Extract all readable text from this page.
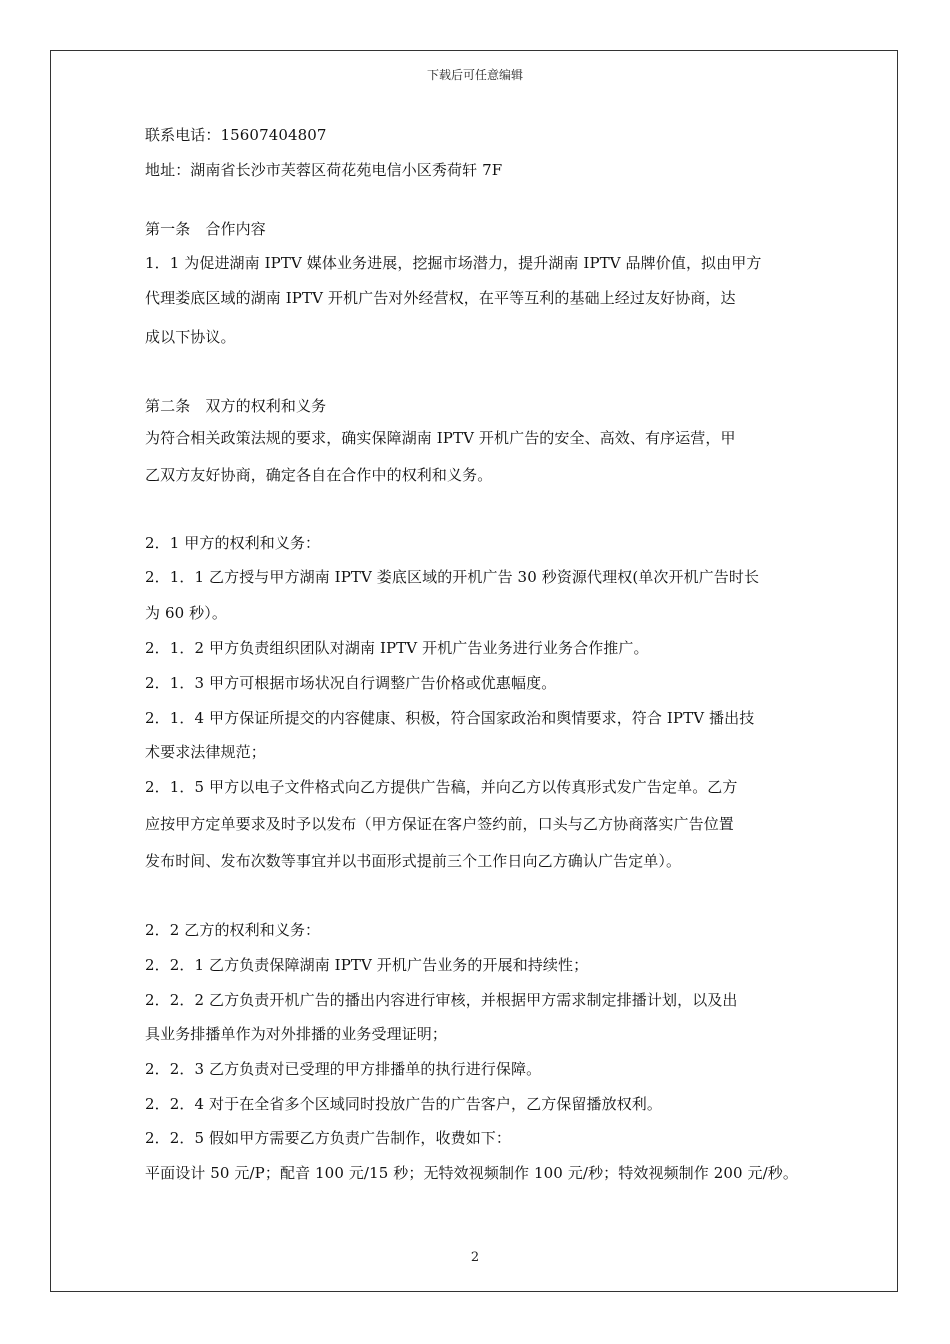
下载后可任意编辑
联系电话：15607404807
地址：湖南省长沙市芙蓉区荷花苑电信小区秀荷轩 7F
第一条　合作内容
1．1 为促进湖南 IPTV 媒体业务进展，挖掘市场潜力，提升湖南 IPTV 品牌价值，拟由甲方
代理娄底区域的湖南 IPTV 开机广告对外经营权，在平等互利的基础上经过友好协商，达
成以下协议。
第二条　双方的权利和义务
为符合相关政策法规的要求，确实保障湖南 IPTV 开机广告的安全、高效、有序运营，甲
乙双方友好协商，确定各自在合作中的权利和义务。
2．1 甲方的权利和义务：
2．1．1 乙方授与甲方湖南 IPTV 娄底区域的开机广告 30 秒资源代理权(单次开机广告时长
为 60 秒）。
2．1．2 甲方负责组织团队对湖南 IPTV 开机广告业务进行业务合作推广。
2．1．3 甲方可根据市场状况自行调整广告价格或优惠幅度。
2．1．4 甲方保证所提交的内容健康、积极，符合国家政治和舆情要求，符合 IPTV 播出技
术要求法律规范；
2．1．5 甲方以电子文件格式向乙方提供广告稿，并向乙方以传真形式发广告定单。乙方
应按甲方定单要求及时予以发布（甲方保证在客户签约前，口头与乙方协商落实广告位置
发布时间、发布次数等事宜并以书面形式提前三个工作日向乙方确认广告定单）。
2．2 乙方的权利和义务：
2．2．1 乙方负责保障湖南 IPTV 开机广告业务的开展和持续性；
2．2．2 乙方负责开机广告的播出内容进行审核，并根据甲方需求制定排播计划，以及出
具业务排播单作为对外排播的业务受理证明；
2．2．3 乙方负责对已受理的甲方排播单的执行进行保障。
2．2．4 对于在全省多个区域同时投放广告的广告客户，乙方保留播放权利。
2．2．5 假如甲方需要乙方负责广告制作，收费如下：
平面设计 50 元/P；配音 100 元/15 秒；无特效视频制作 100 元/秒；特效视频制作 200 元/秒。
2
